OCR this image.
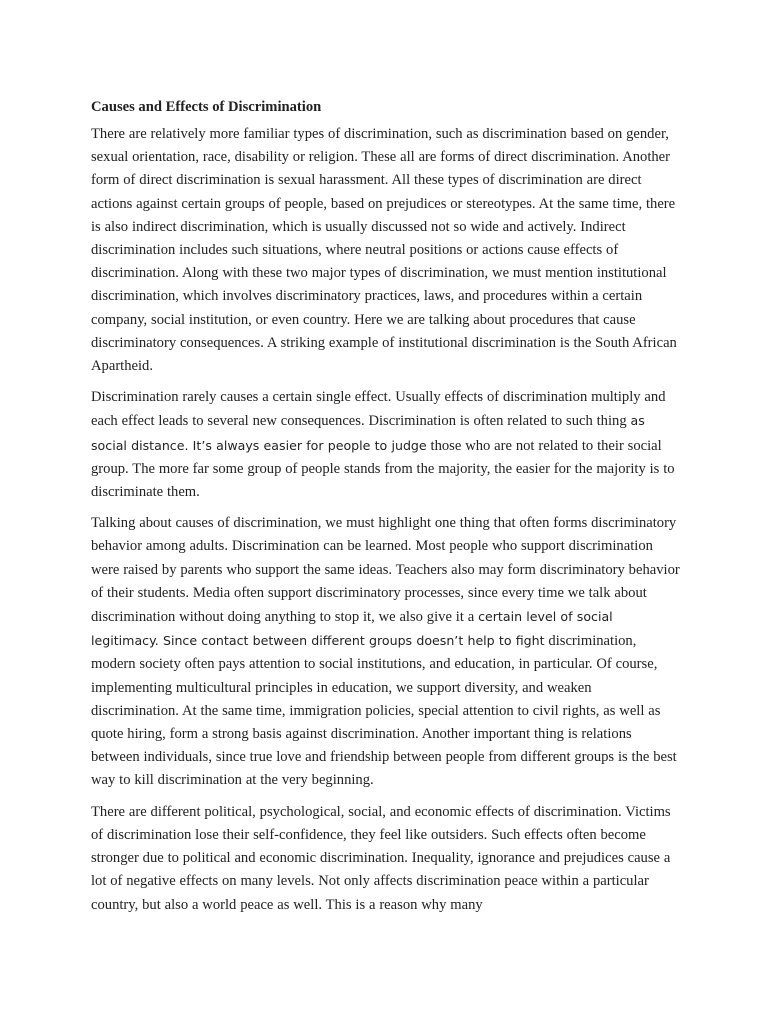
Causes and Effects of Discrimination

There are relatively more familiar types of discrimination, such as discrimination based on gender, sexual orientation, race, disability or religion. These all are forms of direct discrimination. Another form of direct discrimination is sexual harassment. All these types of discrimination are direct actions against certain groups of people, based on prejudices or stereotypes. At the same time, there is also indirect discrimination, which is usually discussed not so wide and actively. Indirect discrimination includes such situations, where neutral positions or actions cause effects of discrimination. Along with these two major types of discrimination, we must mention institutional discrimination, which involves discriminatory practices, laws, and procedures within a certain company, social institution, or even country. Here we are talking about procedures that cause discriminatory consequences. A striking example of institutional discrimination is the South African Apartheid.

Discrimination rarely causes a certain single effect. Usually effects of discrimination multiply and each effect leads to several new consequences. Discrimination is often related to such thing as social distance. It’s always easier for people to judge those who are not related to their social group. The more far some group of people stands from the majority, the easier for the majority is to discriminate them.

Talking about causes of discrimination, we must highlight one thing that often forms discriminatory behavior among adults. Discrimination can be learned. Most people who support discrimination were raised by parents who support the same ideas. Teachers also may form discriminatory behavior of their students. Media often support discriminatory processes, since every time we talk about discrimination without doing anything to stop it, we also give it a certain level of social legitimacy. Since contact between different groups doesn’t help to fight discrimination, modern society often pays attention to social institutions, and education, in particular. Of course, implementing multicultural principles in education, we support diversity, and weaken discrimination. At the same time, immigration policies, special attention to civil rights, as well as quote hiring, form a strong basis against discrimination. Another important thing is relations between individuals, since true love and friendship between people from different groups is the best way to kill discrimination at the very beginning.

There are different political, psychological, social, and economic effects of discrimination. Victims of discrimination lose their self-confidence, they feel like outsiders. Such effects often become stronger due to political and economic discrimination. Inequality, ignorance and prejudices cause a lot of negative effects on many levels. Not only affects discrimination peace within a particular country, but also a world peace as well. This is a reason why many
